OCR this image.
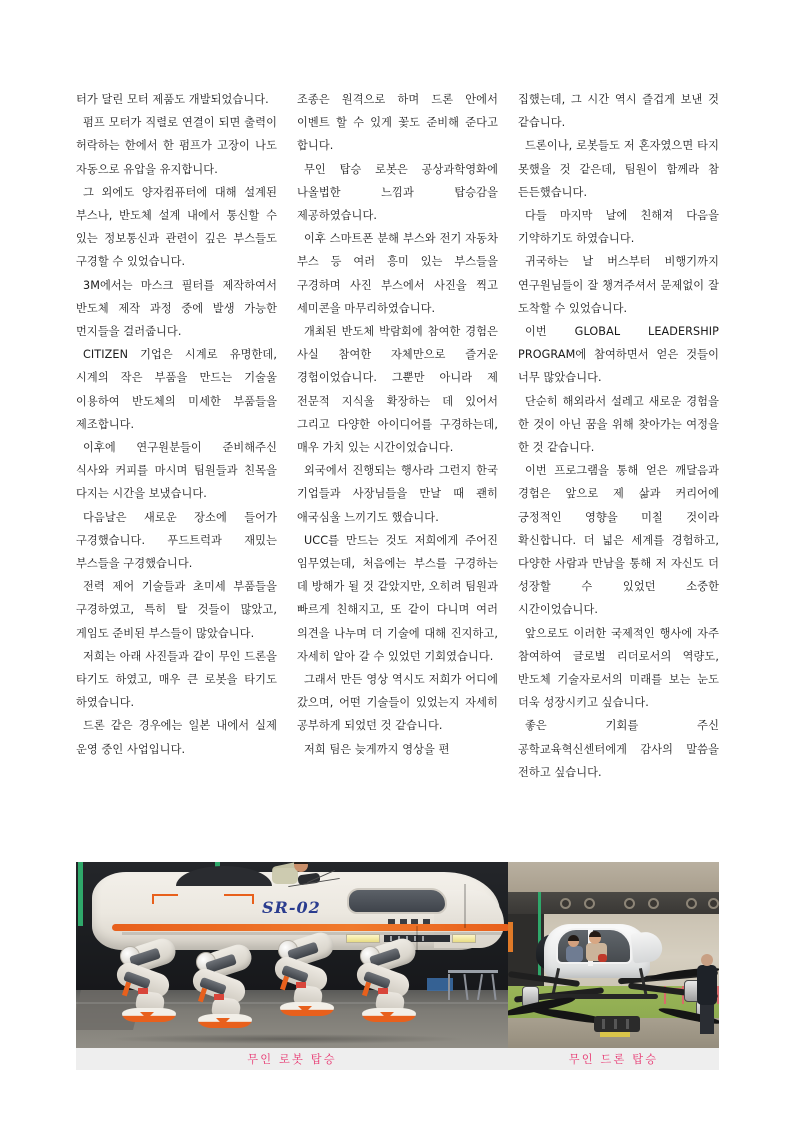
터가 달린 모터 제품도 개발되었습니다.

펌프 모터가 직렬로 연결이 되면 출력이 허락하는 한에서 한 펌프가 고장이 나도 자동으로 유압을 유지합니다.

그 외에도 양자컴퓨터에 대해 설계된 부스나, 반도체 설계 내에서 통신할 수 있는 정보통신과 관련이 깊은 부스들도 구경할 수 있었습니다.

3M에서는 마스크 필터를 제작하여서 반도체 제작 과정 중에 발생 가능한 먼지들을 걸러줍니다.

CITIZEN 기업은 시계로 유명한데, 시계의 작은 부품을 만드는 기술울 이용하여 반도체의 미세한 부품들을 제조합니다.

이후에 연구원분들이 준비해주신 식사와 커피를 마시며 팀원들과 친목을 다지는 시간을 보냈습니다.

다음날은 새로운 장소에 들어가 구경했습니다. 푸드트럭과 재밌는 부스들을 구경했습니다.

전력 제어 기술들과 초미세 부품들을 구경하였고, 특히 탈 것들이 많았고, 게임도 준비된 부스들이 많았습니다.

저희는 아래 사진들과 같이 무인 드론을 타기도 하였고, 매우 큰 로봇을 타기도 하였습니다.

드론 같은 경우에는 일본 내에서 실제 운영 중인 사업입니다.

조종은 원격으로 하며 드론 안에서 이벤트 할 수 있게 꽃도 준비해 준다고 합니다.

무인 탑승 로봇은 공상과학영화에 나올법한 느낌과 탑승감을 제공하였습니다.

이후 스마트폰 분해 부스와 전기 자동차 부스 등 여러 흥미 있는 부스들을 구경하며 사진 부스에서 사진을 찍고 세미콘을 마무리하였습니다.

개최된 반도체 박람회에 참여한 경험은 사실 참여한 자체만으로 즐거운 경험이었습니다. 그뿐만 아니라 제 전문적 지식울 확장하는 데 있어서 그리고 다양한 아이디어를 구경하는데, 매우 가치 있는 시간이었습니다.

외국에서 진행되는 행사라 그런지 한국 기업들과 사장님들을 만날 때 괜히 애국심울 느끼기도 했습니다.

UCC를 만드는 것도 저희에게 주어진 임무였는데, 처음에는 부스를 구경하는 데 방해가 될 것 같았지만, 오히려 팀원과 빠르게 친해지고, 또 같이 다니며 여러 의견을 나누며 더 기술에 대해 진지하고, 자세히 알아 갈 수 있었던 기회였습니다.

그래서 만든 영상 역시도 저희가 어디에 갔으며, 어떤 기술들이 있었는지 자세히 공부하게 되었던 것 같습니다.

저희 팀은 늦게까지 영상을 편

집했는데, 그 시간 역시 즐겁게 보낸 것 같습니다.

드론이나, 로봇들도 저 혼자였으면 타지 못했을 것 같은데, 팀원이 함께라 참 든든했습니다.

다들 마지막 날에 친해져 다음을 기약하기도 하였습니다.

귀국하는 날 버스부터 비행기까지 연구원님들이 잘 챙겨주셔서 문제없이 잘 도착할 수 있었습니다.

이번 GLOBAL LEADERSHIP PROGRAM에 참여하면서 얻은 것들이 너무 많았습니다.

단순히 해외라서 설레고 새로운 경험을 한 것이 아닌 꿈을 위해 찾아가는 여정을 한 것 같습니다.

이번 프로그램을 통해 얻은 깨달음과 경험은 앞으로 제 삶과 커리어에 긍정적인 영향을 미칠 것이라 확신합니다. 더 넓은 세계를 경험하고, 다양한 사람과 만남을 통해 저 자신도 더 성장할 수 있었던 소중한 시간이었습니다.

앞으로도 이러한 국제적인 행사에 자주 참여하여 글로벌 리더로서의 역량도, 반도체 기술자로서의 미래를 보는 눈도 더욱 성장시키고 싶습니다.

좋은 기회를 주신 공학교육혁신센터에게 감사의 말씀을 전하고 싶습니다.

SR-02
무인 로봇 탑승	무인 드론 탑승
